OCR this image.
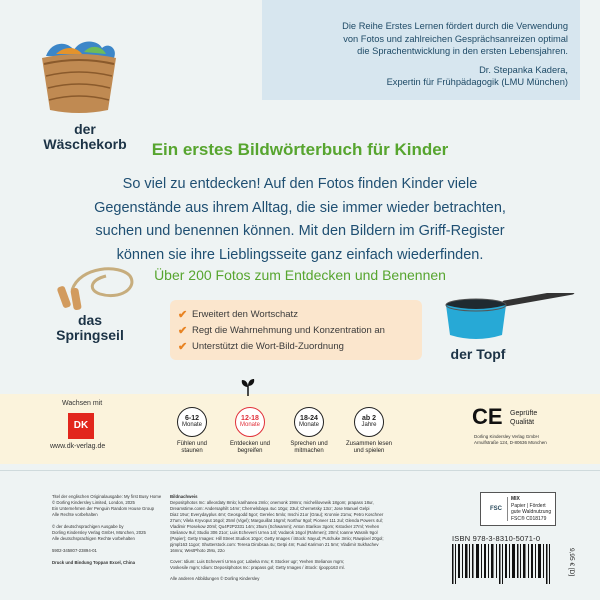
Die Reihe Erstes Lernen fördert durch die Verwendung
von Fotos und zahlreichen Gesprächsanreizen optimal
die Sprachentwicklung in den ersten Lebensjahren.
Dr. Stepanka Kadera,
Expertin für Frühpädagogik (LMU München)
der
Wäschekorb	Ein erstes Bildwörterbuch für Kinder
So viel zu entdecken! Auf den Fotos finden Kinder viele
Gegenstände aus ihrem Alltag, die sie immer wieder betrachten,
suchen und benennen können. Mit den Bildern im Griff-Register
können sie ihre Lieblingsseite ganz einfach wiederfinden.
Über 200 Fotos zum Entdecken und Benennen
das
Springseil
✔ Erweitert den Wortschatz
✔ Regt die Wahrnehmung und Konzentration an
✔ Unterstützt die Wort-Bild-Zuordnung	der Topf
Wachsen mit
DK
www.dk-verlag.de
6-12
Monate
Fühlen und
staunen
12-18
Monate
Entdecken und
begreifen
18-24
Monate
Sprechen und
mitmachen
ab 2
Jahre
Zusammen lesen
und spielen
CE Geprüfte
Qualität
Dorling Kindersley Verlag GmbH
Arnulfstraße 124, D-80636 München
Titel der englischen Originalausgabe: My first Busy Home
© Dorling Kindersley Limited, London, 2025
Ein Unternehmen der Penguin Random House Group
Alle Rechte vorbehalten
© der deutschsprachigen Ausgabe by
Dorling Kindersley Verlag GmbH, München, 2025
Alle deutschsprachigen Rechte vorbehalten
5902-345807-23894-01
Druck und Bindung Toppan Excel, China
Bildnachweis
Depositphotos Inc: alleordaty 8mlo; karihanea 2mlo; onemonk 19mro; michelilovewik 18gom; prapass 18ur,
Dreamstime.com: Andersaphilt 14mr; Chernelsbaya 4uc 10go; 23ul; Chernetsky 13cr; Jose Manuel Gelpi
Diaz 19ur; Everydayplus 4mr; Geosgodd 5gor; Gerelec 5mlo; Inschi 21or (Grau); Kronnie 21mu; Petro Koschner
27um; Vilela Kryvoput 16gol; 25ml (Vigel); Margouillat 16gml; Northur 9gol; Pioneer 111 2ul; Glenda Powers 4ul;
Vladimir Prosekow 20ml; Qu4P2P2331 14m; 25um (Schwamm); Anton Starikov 3gom; Kstocker 27ml; Yevhen
Stelianov 9ul; Studio 306 21or; Luis Echeverri Urrea 14l; Vodarok 16gol (Rahmen); 20ml; Ioanne Wasnik 9gol
(Papier); Getty Images: Hill Street Studios 10gor; Getty Images / iStock: Nayud; Putchuke 3mlo; Rawpixel 20gol;
pjmpl163 11gor; Shutterstock.com: Teresa Dirobsaa 4u; Getpi 4m; Fuad Karimon 21 5mr; Vladimir Sukhachev
16mru; WestPhoto 2Mo, 22o
Cover: Idium: Luis Echeverri Urrea gor; Labeka mru; K Stocker ugr; Yevhen Stelianov mgm;
Voskesile mgm; Idium: Depositphotos Inc: prapass gol; Getty Images / iStock: rjpopp163 ml.
Alle anderen Abbildungen © Dorling Kindersley
FSC
MIX
Papier | Fördert
gute Waldnutzung
FSC® C018179
ISBN 978-3-8310-5071-0
9,95 € [D]
